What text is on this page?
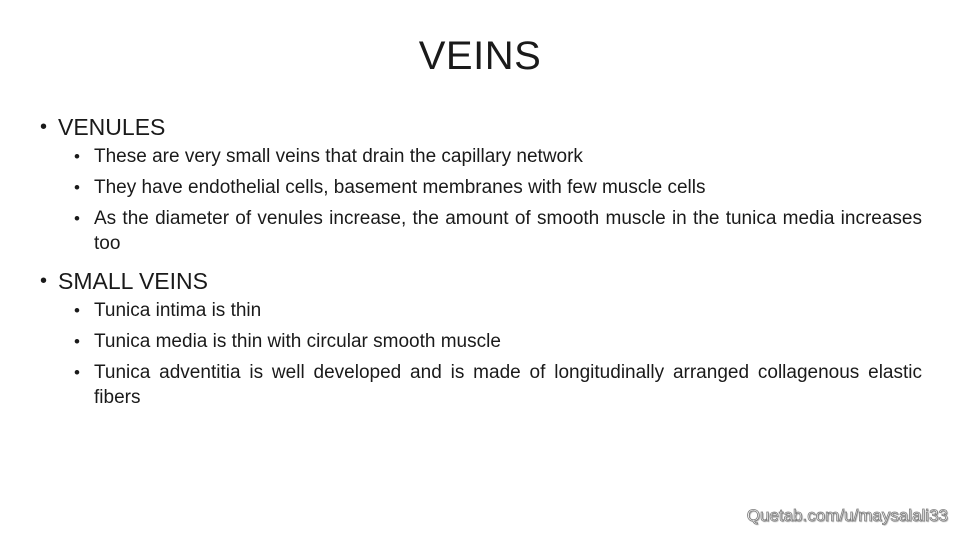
VEINS
• VENULES
• These are very small veins that drain the capillary network
• They have endothelial cells, basement membranes with few muscle cells
• As the diameter of venules increase, the amount of smooth muscle in the tunica media increases too
• SMALL VEINS
• Tunica intima is thin
• Tunica media is thin with circular smooth muscle
• Tunica adventitia is well developed and is made of longitudinally arranged collagenous elastic fibers
Quetab.com/u/maysalali33
